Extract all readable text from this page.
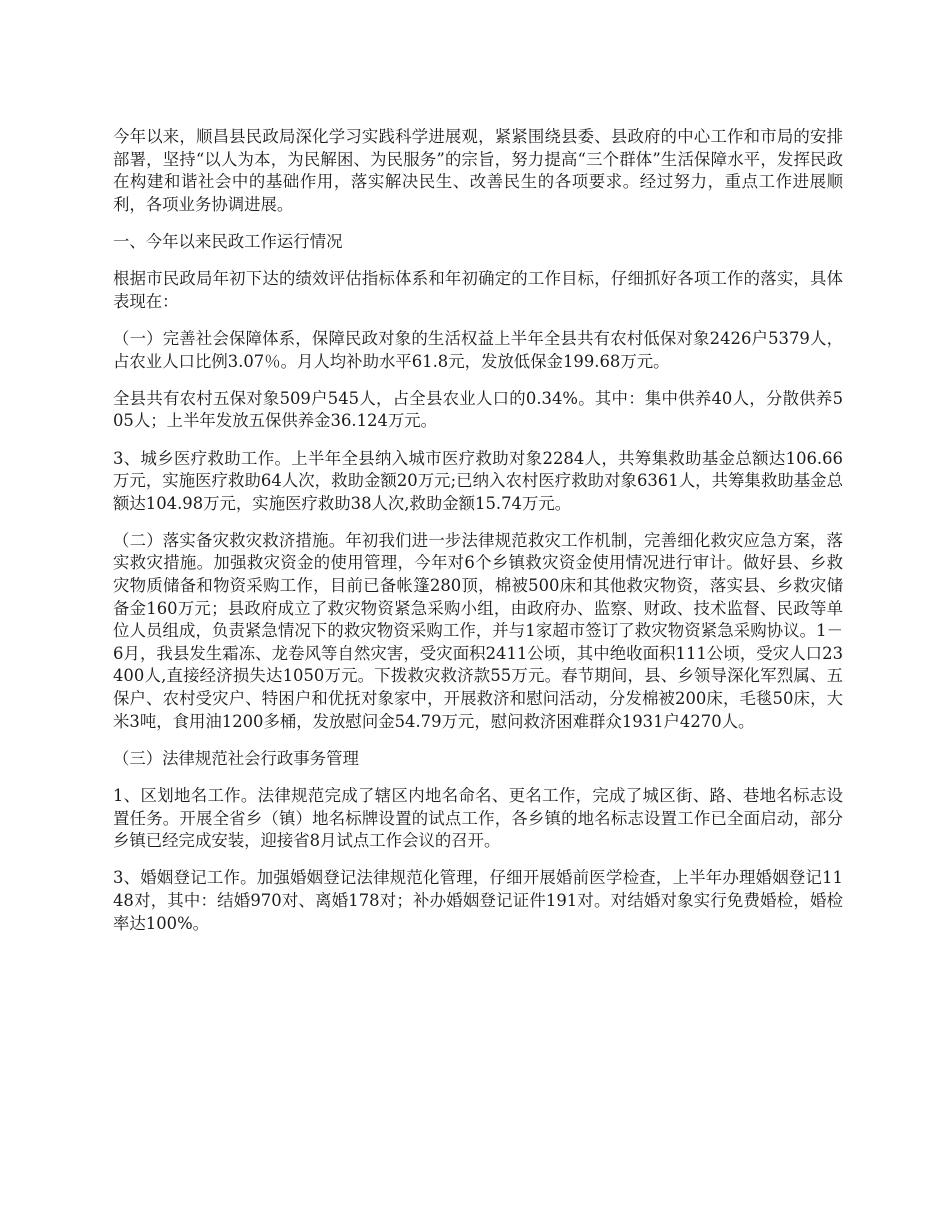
今年以来，顺昌县民政局深化学习实践科学进展观，紧紧围绕县委、县政府的中心工作和市局的安排部署，坚持“以人为本，为民解困、为民服务”的宗旨，努力提高“三个群体”生活保障水平，发挥民政在构建和谐社会中的基础作用，落实解决民生、改善民生的各项要求。经过努力，重点工作进展顺利，各项业务协调进展。

一、今年以来民政工作运行情况

根据市民政局年初下达的绩效评估指标体系和年初确定的工作目标，仔细抓好各项工作的落实，具体表现在：

（一）完善社会保障体系，保障民政对象的生活权益上半年全县共有农村低保对象2426户5379人，占农业人口比例3.07％。月人均补助水平61.8元，发放低保金199.68万元。

全县共有农村五保对象509户545人，占全县农业人口的0.34%。其中：集中供养40人，分散供养505人；上半年发放五保供养金36.124万元。

3、城乡医疗救助工作。上半年全县纳入城市医疗救助对象2284人，共筹集救助基金总额达106.66万元，实施医疗救助64人次，救助金额20万元;已纳入农村医疗救助对象6361人，共筹集救助基金总额达104.98万元，实施医疗救助38人次,救助金额15.74万元。

（二）落实备灾救灾救济措施。年初我们进一步法律规范救灾工作机制，完善细化救灾应急方案，落实救灾措施。加强救灾资金的使用管理，今年对6个乡镇救灾资金使用情况进行审计。做好县、乡救灾物质储备和物资采购工作，目前已备帐篷280顶，棉被500床和其他救灾物资，落实县、乡救灾储备金160万元；县政府成立了救灾物资紧急采购小组，由政府办、监察、财政、技术监督、民政等单位人员组成，负责紧急情况下的救灾物资采购工作，并与1家超市签订了救灾物资紧急采购协议。1－6月，我县发生霜冻、龙卷风等自然灾害，受灾面积2411公顷，其中绝收面积111公顷，受灾人口23400人,直接经济损失达1050万元。下拨救灾救济款55万元。春节期间，县、乡领导深化军烈属、五保户、农村受灾户、特困户和优抚对象家中，开展救济和慰问活动，分发棉被200床，毛毯50床，大米3吨，食用油1200多桶，发放慰问金54.79万元，慰问救济困难群众1931户4270人。

（三）法律规范社会行政事务管理

1、区划地名工作。法律规范完成了辖区内地名命名、更名工作，完成了城区街、路、巷地名标志设置任务。开展全省乡（镇）地名标牌设置的试点工作，各乡镇的地名标志设置工作已全面启动，部分乡镇已经完成安装，迎接省8月试点工作会议的召开。

3、婚姻登记工作。加强婚姻登记法律规范化管理，仔细开展婚前医学检查，上半年办理婚姻登记1148对，其中：结婚970对、离婚178对；补办婚姻登记证件191对。对结婚对象实行免费婚检，婚检率达100%。
